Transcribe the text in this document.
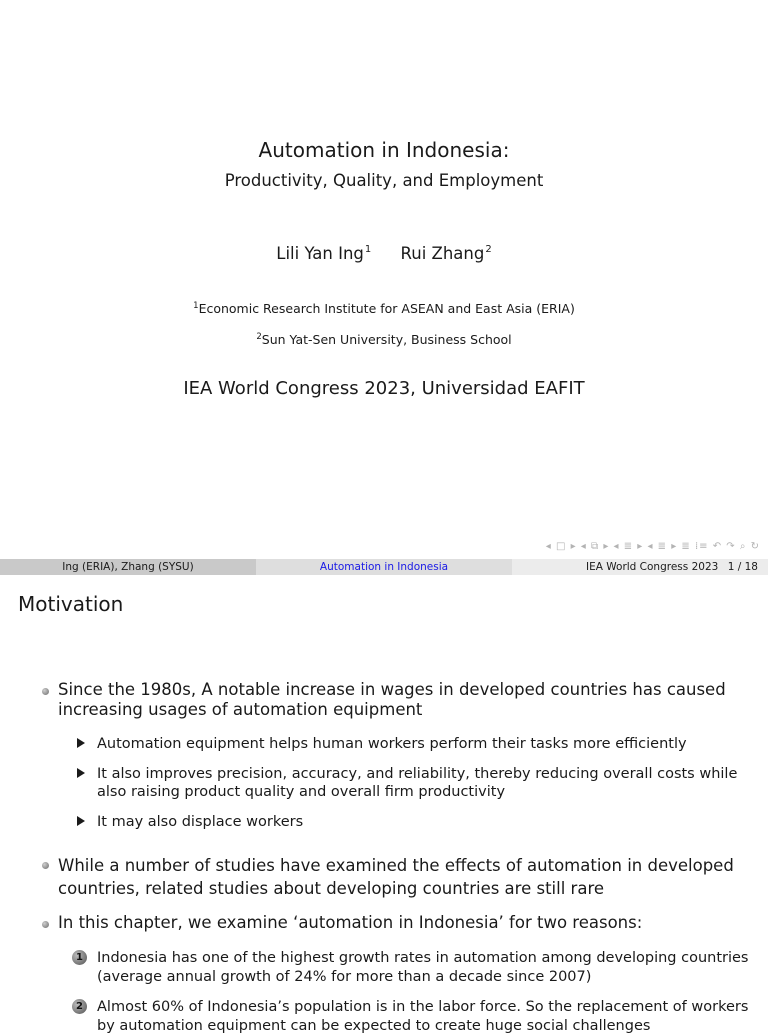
Automation in Indonesia:
Productivity, Quality, and Employment
Lili Yan Ing$^1$ Rui Zhang$^2$
$^1$Economic Research Institute for ASEAN and East Asia (ERIA)
$^2$Sun Yat-Sen University, Business School
IEA World Congress 2023, Universidad EAFIT
◂ □ ▸ ◂ ⧉ ▸ ◂ ≣ ▸ ◂ ≣ ▸ ≣ ⁞≡ ↶ ↷ ⌕ ↻
Ing (ERIA), Zhang (SYSU)	Automation in Indonesia	IEA World Congress 2023 1 / 18
Motivation
Since the 1980s, A notable increase in wages in developed countries has caused increasing usages of automation equipment
Automation equipment helps human workers perform their tasks more efficiently
It also improves precision, accuracy, and reliability, thereby reducing overall costs while also raising product quality and overall firm productivity
It may also displace workers
While a number of studies have examined the effects of automation in developed countries, related studies about developing countries are still rare
In this chapter, we examine ‘automation in Indonesia’ for two reasons:
1 Indonesia has one of the highest growth rates in automation among developing countries (average annual growth of 24% for more than a decade since 2007)
2 Almost 60% of Indonesia’s population is in the labor force. So the replacement of workers by automation equipment can be expected to create huge social challenges
